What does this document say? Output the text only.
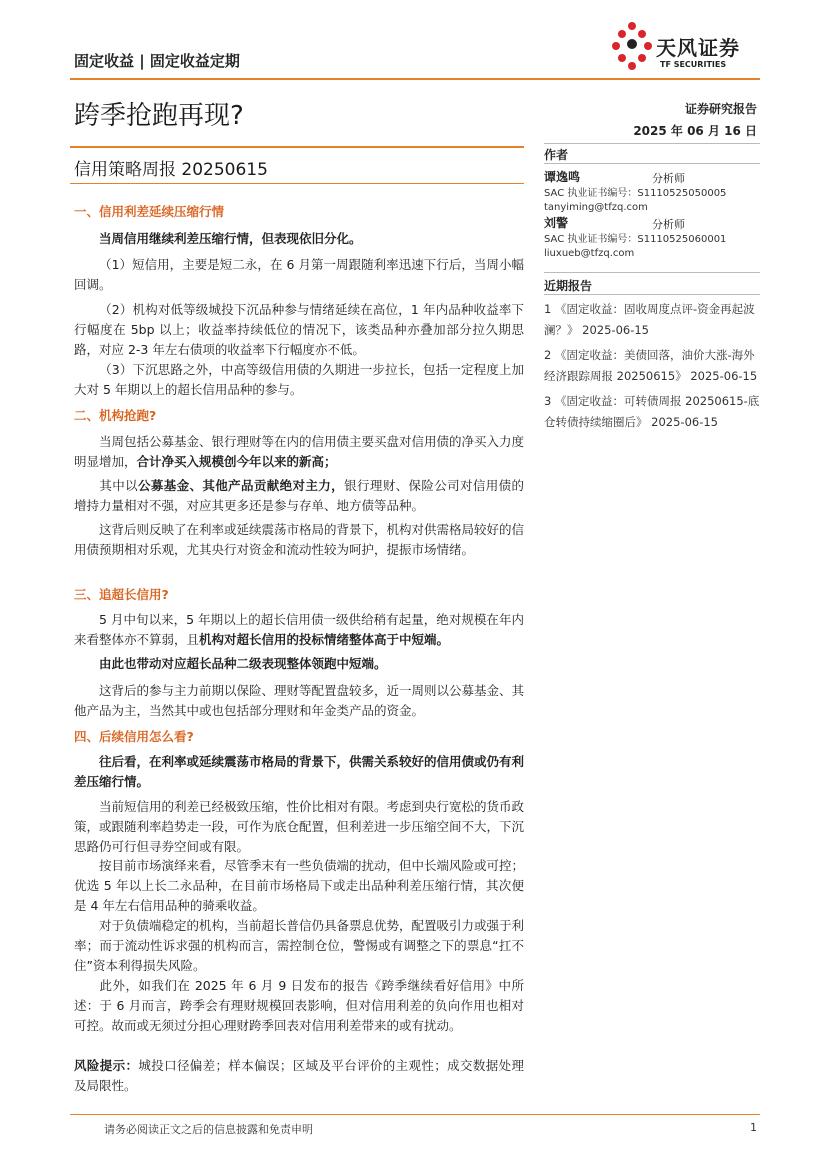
固定收益 | 固定收益定期
天风证券
TF SECURITIES
跨季抢跑再现?	证券研究报告
2025 年 06 月 16 日
信用策略周报 20250615
作者
谭逸鸣	分析师
SAC 执业证书编号：S1110525050005
tanyiming@tfzq.com
刘警	分析师
SAC 执业证书编号：S1110525060001
liuxueb@tfzq.com
近期报告
1 《固定收益：固收周度点评-资金再起波澜？》 2025-06-15
2 《固定收益：美债回落，油价大涨-海外经济跟踪周报 20250615》 2025-06-15
3 《固定收益：可转债周报 20250615-底仓转债持续缩圈后》 2025-06-15
一、信用利差延续压缩行情
当周信用继续利差压缩行情，但表现依旧分化。
（1）短信用，主要是短二永，在 6 月第一周跟随利率迅速下行后，当周小幅回调。
（2）机构对低等级城投下沉品种参与情绪延续在高位，1 年内品种收益率下行幅度在 5bp 以上；收益率持续低位的情况下，该类品种亦叠加部分拉久期思路，对应 2-3 年左右债项的收益率下行幅度亦不低。
（3）下沉思路之外，中高等级信用债的久期进一步拉长，包括一定程度上加大对 5 年期以上的超长信用品种的参与。
二、机构抢跑?
当周包括公募基金、银行理财等在内的信用债主要买盘对信用债的净买入力度明显增加，合计净买入规模创今年以来的新高；
其中以公募基金、其他产品贡献绝对主力，银行理财、保险公司对信用债的增持力量相对不强，对应其更多还是参与存单、地方债等品种。
这背后则反映了在利率或延续震荡市格局的背景下，机构对供需格局较好的信用债预期相对乐观，尤其央行对资金和流动性较为呵护，提振市场情绪。
三、追超长信用?
5 月中旬以来，5 年期以上的超长信用债一级供给稍有起量，绝对规模在年内来看整体亦不算弱，且机构对超长信用的投标情绪整体高于中短端。
由此也带动对应超长品种二级表现整体领跑中短端。
这背后的参与主力前期以保险、理财等配置盘较多，近一周则以公募基金、其他产品为主，当然其中或也包括部分理财和年金类产品的资金。
四、后续信用怎么看?
往后看，在利率或延续震荡市格局的背景下，供需关系较好的信用债或仍有利差压缩行情。
当前短信用的利差已经极致压缩，性价比相对有限。考虑到央行宽松的货币政策，或跟随利率趋势走一段，可作为底仓配置，但利差进一步压缩空间不大，下沉思路仍可行但寻券空间或有限。
按目前市场演绎来看，尽管季末有一些负债端的扰动，但中长端风险或可控；优选 5 年以上长二永品种，在目前市场格局下或走出品种利差压缩行情，其次便是 4 年左右信用品种的骑乘收益。
对于负债端稳定的机构，当前超长普信仍具备票息优势，配置吸引力或强于利率；而于流动性诉求强的机构而言，需控制仓位，警惕或有调整之下的票息“扛不住”资本利得损失风险。
此外，如我们在 2025 年 6 月 9 日发布的报告《跨季继续看好信用》中所述：于 6 月而言，跨季会有理财规模回表影响，但对信用利差的负向作用也相对可控。故而或无须过分担心理财跨季回表对信用利差带来的或有扰动。
风险提示：城投口径偏差；样本偏误；区域及平台评价的主观性；成交数据处理及局限性。
请务必阅读正文之后的信息披露和免责申明	1
